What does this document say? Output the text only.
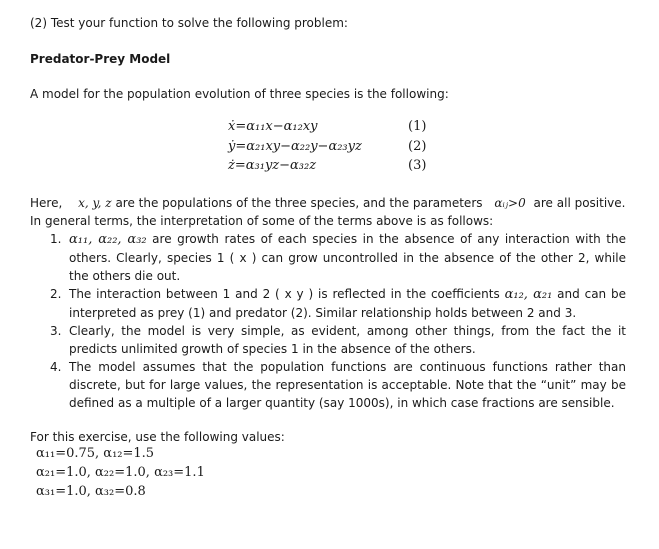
(2) Test your function to solve the following problem:
Predator-Prey Model
A model for the population evolution of three species is the following:
ẋ=α₁₁x−α₁₂xy	(1)
ẏ=α₂₁xy−α₂₂y−α₂₃yz	(2)
ż=α₃₁yz−α₃₂z	(3)
Here, x, y, z are the populations of the three species, and the parameters αᵢⱼ>0 are all positive.
In general terms, the interpretation of some of the terms above is as follows:
1. α₁₁, α₂₂, α₃₂ are growth rates of each species in the absence of any interaction with the others. Clearly, species 1 ( x ) can grow uncontrolled in the absence of the other 2, while the others die out.
2. The interaction between 1 and 2 ( x y ) is reflected in the coefficients α₁₂, α₂₁ and can be interpreted as prey (1) and predator (2). Similar relationship holds between 2 and 3.
3. Clearly, the model is very simple, as evident, among other things, from the fact the it predicts unlimited growth of species 1 in the absence of the others.
4. The model assumes that the population functions are continuous functions rather than discrete, but for large values, the representation is acceptable. Note that the “unit” may be defined as a multiple of a larger quantity (say 1000s), in which case fractions are sensible.
For this exercise, use the following values:
α₁₁=0.75, α₁₂=1.5
α₂₁=1.0, α₂₂=1.0, α₂₃=1.1
α₃₁=1.0, α₃₂=0.8
